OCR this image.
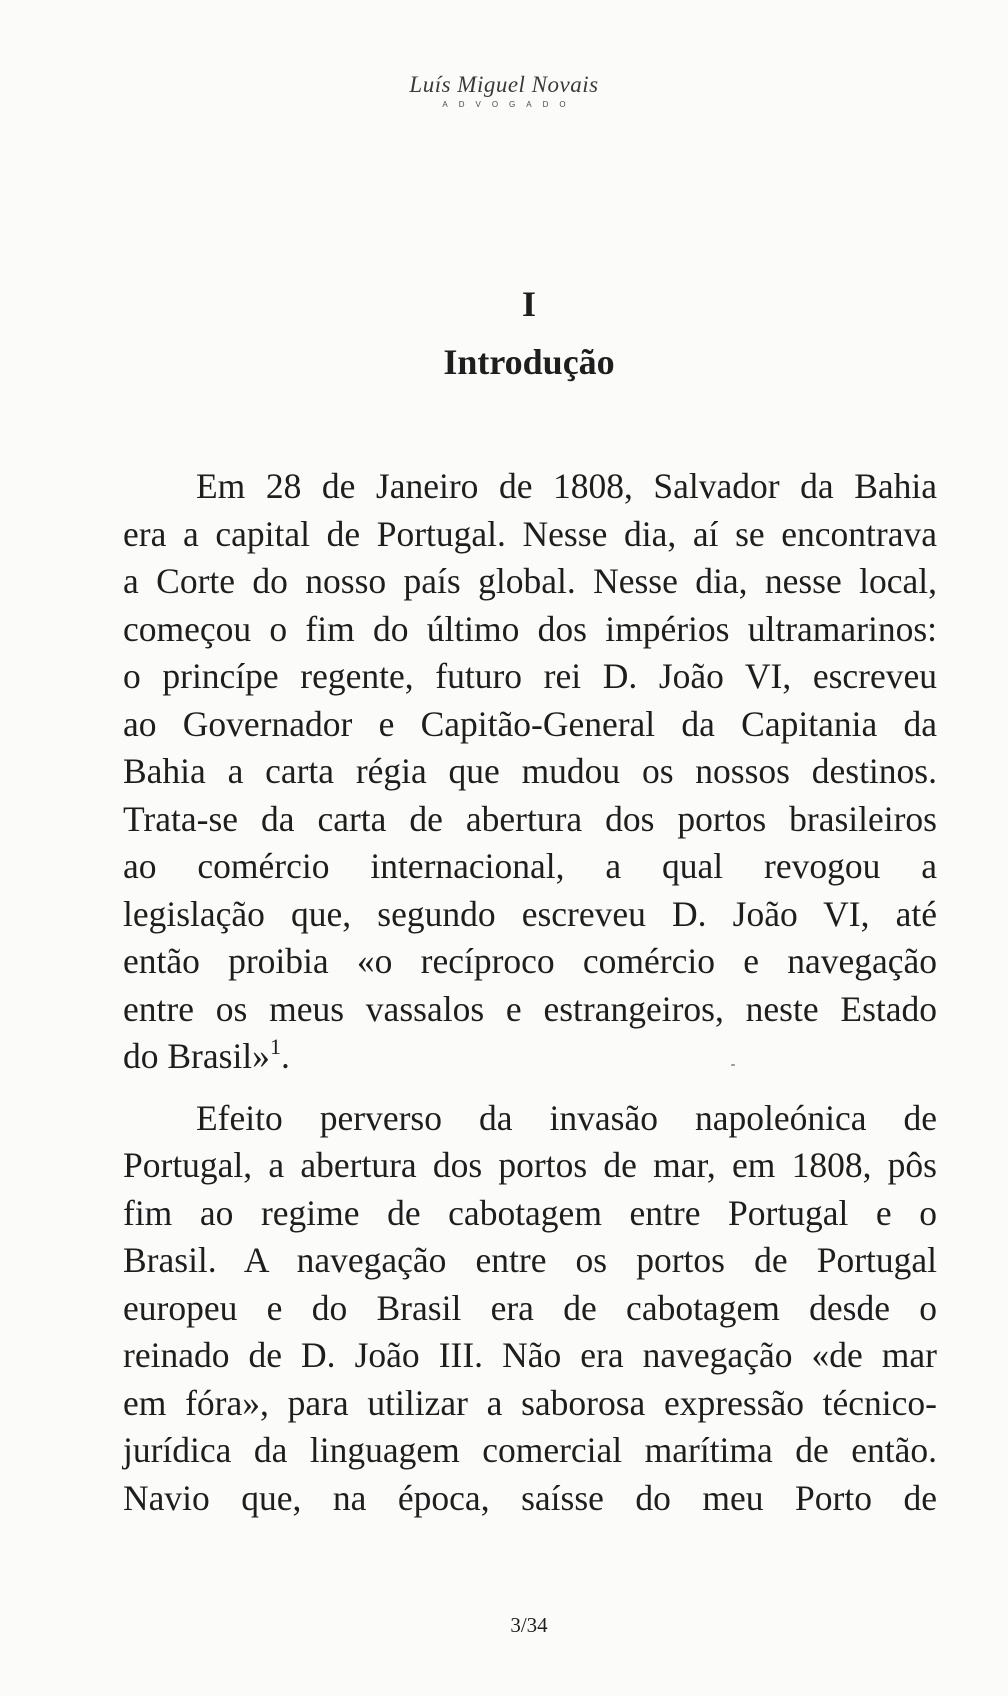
Luís Miguel Novais
ADVOGADO
I
Introdução

Em 28 de Janeiro de 1808, Salvador da Bahia
era a capital de Portugal. Nesse dia, aí se encontrava
a Corte do nosso país global. Nesse dia, nesse local,
começou o fim do último dos impérios ultramarinos:
o princípe regente, futuro rei D. João VI, escreveu
ao Governador e Capitão-General da Capitania da
Bahia a carta régia que mudou os nossos destinos.
Trata-se da carta de abertura dos portos brasileiros
ao comércio internacional, a qual revogou a
legislação que, segundo escreveu D. João VI, até
então proibia «o recíproco comércio e navegação
entre os meus vassalos e estrangeiros, neste Estado
do Brasil»$^1$.

Efeito perverso da invasão napoleónica de
Portugal, a abertura dos portos de mar, em 1808, pôs
fim ao regime de cabotagem entre Portugal e o
Brasil. A navegação entre os portos de Portugal
europeu e do Brasil era de cabotagem desde o
reinado de D. João III. Não era navegação «de mar
em fóra», para utilizar a saborosa expressão técnico-
jurídica da linguagem comercial marítima de então.
Navio que, na época, saísse do meu Porto de

3/34
